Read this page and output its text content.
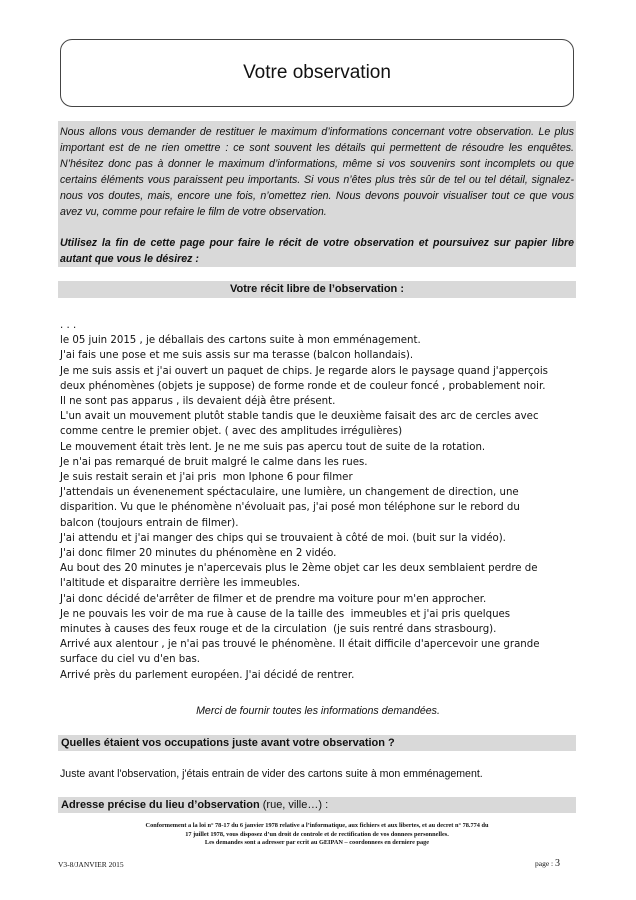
Votre observation

Nous allons vous demander de restituer le maximum d’informations concernant votre observation. Le plus important est de ne rien omettre : ce sont souvent les détails qui permettent de résoudre les enquêtes. N’hésitez donc pas à donner le maximum d’informations, même si vos souvenirs sont incomplets ou que certains éléments vous paraissent peu importants. Si vous n’êtes plus très sûr de tel ou tel détail, signalez-nous vos doutes, mais, encore une fois, n’omettez rien. Nous devons pouvoir visualiser tout ce que vous avez vu, comme pour refaire le film de votre observation.

Utilisez la fin de cette page pour faire le récit de votre observation et poursuivez sur papier libre autant que vous le désirez :

Votre récit libre de l’observation :
. . .
le 05 juin 2015 , je déballais des cartons suite à mon emménagement.
J'ai fais une pose et me suis assis sur ma terasse (balcon hollandais).
Je me suis assis et j'ai ouvert un paquet de chips. Je regarde alors le paysage quand j'apperçois
deux phénomènes (objets je suppose) de forme ronde et de couleur foncé , probablement noir.
Il ne sont pas apparus , ils devaient déjà être présent.
L'un avait un mouvement plutôt stable tandis que le deuxième faisait des arc de cercles avec
comme centre le premier objet. ( avec des amplitudes irrégulières)
Le mouvement était très lent. Je ne me suis pas apercu tout de suite de la rotation.
Je n'ai pas remarqué de bruit malgré le calme dans les rues.
Je suis restait serain et j'ai pris  mon Iphone 6 pour filmer
J'attendais un évenenement spéctaculaire, une lumière, un changement de direction, une
disparition. Vu que le phénomène n'évoluait pas, j'ai posé mon téléphone sur le rebord du
balcon (toujours entrain de filmer).
J'ai attendu et j'ai manger des chips qui se trouvaient à côté de moi. (buit sur la vidéo).
J'ai donc filmer 20 minutes du phénomène en 2 vidéo.
Au bout des 20 minutes je n'apercevais plus le 2ème objet car les deux semblaient perdre de
l'altitude et disparaitre derrière les immeubles.
J'ai donc décidé de'arrêter de filmer et de prendre ma voiture pour m'en approcher.
Je ne pouvais les voir de ma rue à cause de la taille des  immeubles et j'ai pris quelques
minutes à causes des feux rouge et de la circulation  (je suis rentré dans strasbourg).
Arrivé aux alentour , je n'ai pas trouvé le phénomène. Il était difficile d'apercevoir une grande
surface du ciel vu d'en bas.
Arrivé près du parlement européen. J'ai décidé de rentrer.
Merci de fournir toutes les informations demandées.
Quelles étaient vos occupations juste avant votre observation ?
Juste avant l'observation, j'étais entrain de vider des cartons suite à mon emménagement.
Adresse précise du lieu d’observation (rue, ville…) :
Conformement a la loi n° 78-17 du 6 janvier 1978 relative a l’informatique, aux fichiers et aux libertes, et au decret n° 78.774 du
17 juillet 1978, vous disposez d’un droit de controle et de rectification de vos donnees personnelles.
Les demandes sont a adresser par ecrit au GEIPAN – coordonnees en derniere page
V3-8/JANVIER 2015	page : 3
